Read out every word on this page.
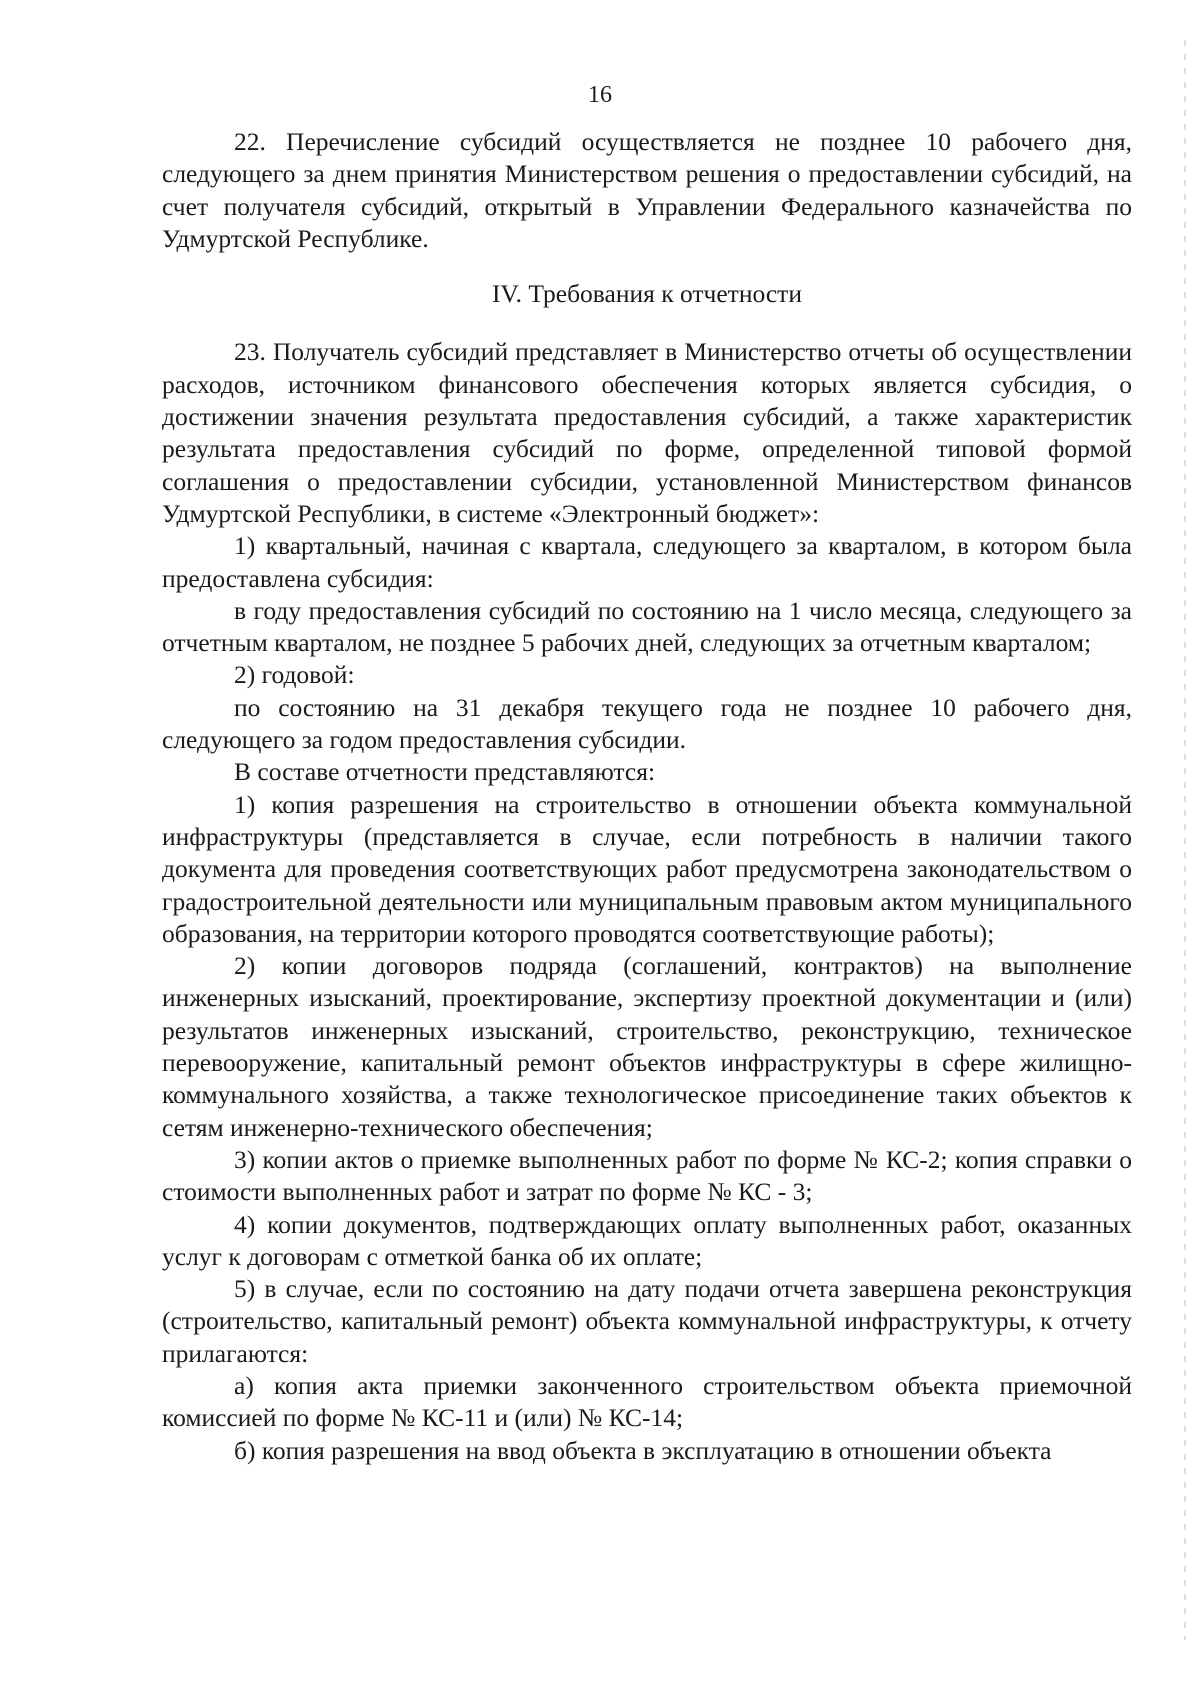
16

22. Перечисление субсидий осуществляется не позднее 10 рабочего дня, следующего за днем принятия Министерством решения о предоставлении субсидий, на счет получателя субсидий, открытый в Управлении Федерального казначейства по Удмуртской Республике.

IV. Требования к отчетности

23. Получатель субсидий представляет в Министерство отчеты об осуществлении расходов, источником финансового обеспечения которых является субсидия, о достижении значения результата предоставления субсидий, а также характеристик результата предоставления субсидий по форме, определенной типовой формой соглашения о предоставлении субсидии, установленной Министерством финансов Удмуртской Республики, в системе «Электронный бюджет»:

1) квартальный, начиная с квартала, следующего за кварталом, в котором была предоставлена субсидия:

в году предоставления субсидий по состоянию на 1 число месяца, следующего за отчетным кварталом, не позднее 5 рабочих дней, следующих за отчетным кварталом;

2) годовой:

по состоянию на 31 декабря текущего года не позднее 10 рабочего дня, следующего за годом предоставления субсидии.

В составе отчетности представляются:

1) копия разрешения на строительство в отношении объекта коммунальной инфраструктуры (представляется в случае, если потребность в наличии такого документа для проведения соответствующих работ предусмотрена законодательством о градостроительной деятельности или муниципальным правовым актом муниципального образования, на территории которого проводятся соответствующие работы);

2) копии договоров подряда (соглашений, контрактов) на выполнение инженерных изысканий, проектирование, экспертизу проектной документации и (или) результатов инженерных изысканий, строительство, реконструкцию, техническое перевооружение, капитальный ремонт объектов инфраструктуры в сфере жилищно-коммунального хозяйства, а также технологическое присоединение таких объектов к сетям инженерно-технического обеспечения;

3) копии актов о приемке выполненных работ по форме № КС-2; копия справки о стоимости выполненных работ и затрат по форме № КС - 3;

4) копии документов, подтверждающих оплату выполненных работ, оказанных услуг к договорам с отметкой банка об их оплате;

5) в случае, если по состоянию на дату подачи отчета завершена реконструкция (строительство, капитальный ремонт) объекта коммунальной инфраструктуры, к отчету прилагаются:

а) копия акта приемки законченного строительством объекта приемочной комиссией по форме № КС-11 и (или) № КС-14;

б) копия разрешения на ввод объекта в эксплуатацию в отношении объекта
